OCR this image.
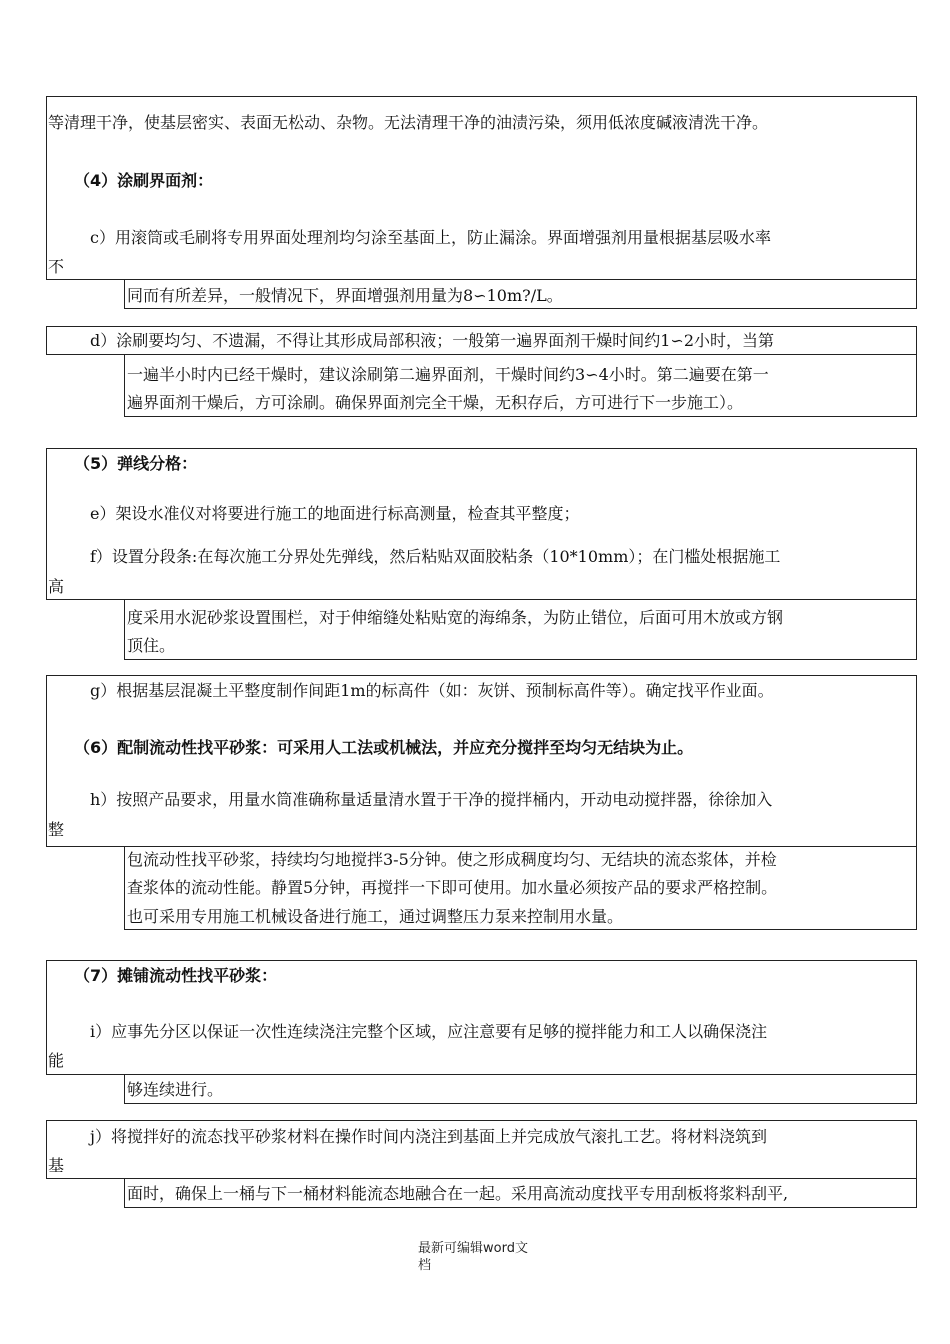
等清理干净，使基层密实、表面无松动、杂物。无法清理干净的油渍污染，须用低浓度碱液清洗干净。
（4）涂刷界面剂：
c）用滚筒或毛刷将专用界面处理剂均匀涂至基面上，防止漏涂。界面增强剂用量根据基层吸水率
不
同而有所差异，一般情况下，界面增强剂用量为8∽10m?/L。
d）涂刷要均匀、不遗漏，不得让其形成局部积液；一般第一遍界面剂干燥时间约1∽2小时，当第
一遍半小时内已经干燥时，建议涂刷第二遍界面剂，干燥时间约3∽4小时。第二遍要在第一
遍界面剂干燥后，方可涂刷。确保界面剂完全干燥，无积存后，方可进行下一步施工）。
（5）弹线分格：
e）架设水准仪对将要进行施工的地面进行标高测量，检查其平整度；
f）设置分段条:在每次施工分界处先弹线，然后粘贴双面胶粘条（10*10mm）；在门槛处根据施工
高
度采用水泥砂浆设置围栏，对于伸缩缝处粘贴宽的海绵条，为防止错位，后面可用木放或方钢
顶住。
g）根据基层混凝土平整度制作间距1m的标高件（如：灰饼、预制标高件等）。确定找平作业面。
（6）配制流动性找平砂浆：可采用人工法或机械法，并应充分搅拌至均匀无结块为止。
h）按照产品要求，用量水筒准确称量适量清水置于干净的搅拌桶内，开动电动搅拌器，徐徐加入
整
包流动性找平砂浆，持续均匀地搅拌3-5分钟。使之形成稠度均匀、无结块的流态浆体，并检
查浆体的流动性能。静置5分钟，再搅拌一下即可使用。加水量必须按产品的要求严格控制。
也可采用专用施工机械设备进行施工，通过调整压力泵来控制用水量。
（7）摊铺流动性找平砂浆：
i）应事先分区以保证一次性连续浇注完整个区域，应注意要有足够的搅拌能力和工人以确保浇注
能
够连续进行。
j）将搅拌好的流态找平砂浆材料在操作时间内浇注到基面上并完成放气滚扎工艺。将材料浇筑到
基
面时，确保上一桶与下一桶材料能流态地融合在一起。采用高流动度找平专用刮板将浆料刮平,
最新可编辑word文
档
